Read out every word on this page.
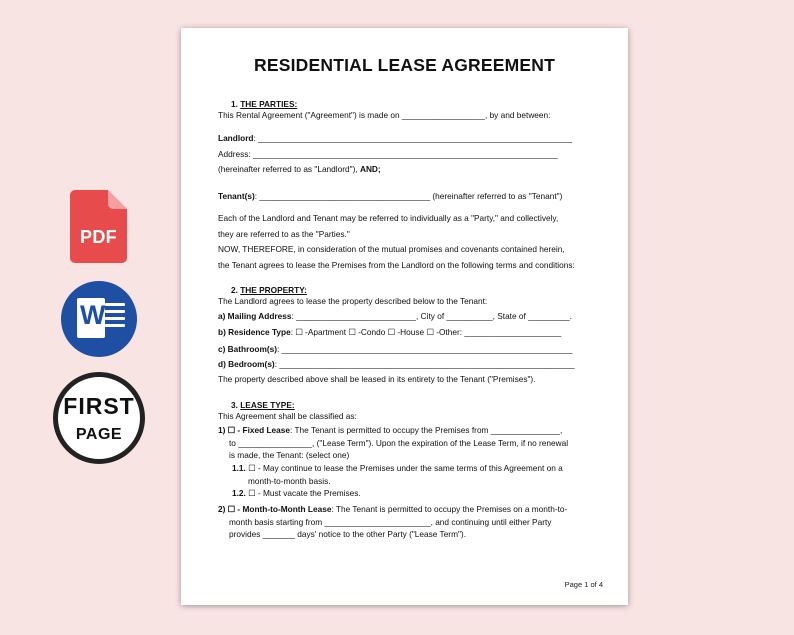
PDF
W
FIRST
PAGE
RESIDENTIAL LEASE AGREEMENT
1. THE PARTIES:
This Rental Agreement ("Agreement") is made on __________________, by and between:
Landlord: ____________________________________________________________________
Address: __________________________________________________________________
(hereinafter referred to as "Landlord"), AND;
Tenant(s): _____________________________________ (hereinafter referred to as "Tenant")
Each of the Landlord and Tenant may be referred to individually as a "Party," and collectively,
they are referred to as the "Parties."
NOW, THEREFORE, in consideration of the mutual promises and covenants contained herein,
the Tenant agrees to lease the Premises from the Landlord on the following terms and conditions:
2. THE PROPERTY:
The Landlord agrees to lease the property described below to the Tenant:
a) Mailing Address: __________________________, City of __________, State of _________.
b) Residence Type: ☐ -Apartment ☐ -Condo ☐ -House ☐ -Other: _____________________
c) Bathroom(s): _______________________________________________________________
d) Bedroom(s): ________________________________________________________________
The property described above shall be leased in its entirety to the Tenant ("Premises").
3. LEASE TYPE:
This Agreement shall be classified as:
1) ☐ - Fixed Lease: The Tenant is permitted to occupy the Premises from _______________,
to ________________, ("Lease Term"). Upon the expiration of the Lease Term, if no renewal
is made, the Tenant: (select one)
1.1. ☐ - May continue to lease the Premises under the same terms of this Agreement on a
month-to-month basis.
1.2. ☐ - Must vacate the Premises.
2) ☐ - Month-to-Month Lease: The Tenant is permitted to occupy the Premises on a month-to-
month basis starting from _______________________, and continuing until either Party
provides _______ days' notice to the other Party ("Lease Term").
Page 1 of 4
